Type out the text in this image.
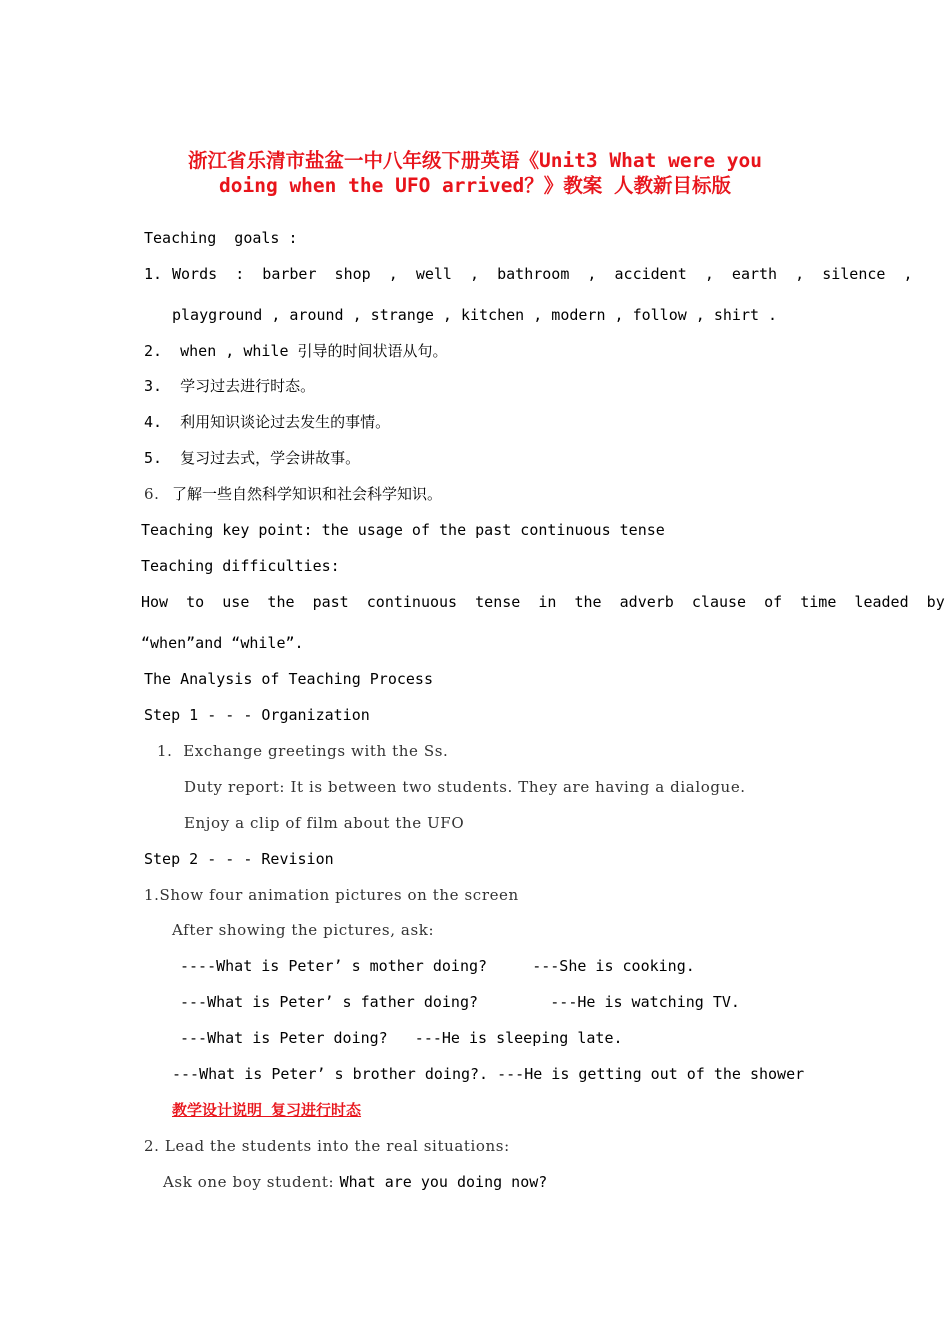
浙江省乐清市盐盆一中八年级下册英语《Unit3 What were you
doing when the UFO arrived？》教案 人教新目标版
Teaching  goals :
1. Words  :  barber  shop  ,  well  ,  bathroom  ,  accident  ,  earth  ,  silence  ,
playground , around , strange , kitchen , modern , follow , shirt .
2.  when , while 引导的时间状语从句。
3.  学习过去进行时态。
4.  利用知识谈论过去发生的事情。
5.  复习过去式，学会讲故事。
6. 了解一些自然科学知识和社会科学知识。
Teaching key point: the usage of the past continuous tense
Teaching difficulties:
How  to  use  the  past  continuous  tense  in  the  adverb  clause  of  time  leaded  by
“when”and “while”.
The Analysis of Teaching Process
Step 1 - - - Organization
1.  Exchange greetings with the Ss.
Duty report: It is between two students. They are having a dialogue.
Enjoy a clip of film about the UFO
Step 2 - - - Revision
1.Show four animation pictures on the screen
After showing the pictures, ask:
----What is Peter’ s mother doing?     ---She is cooking.
---What is Peter’ s father doing?        ---He is watching TV.
---What is Peter doing?   ---He is sleeping late.
---What is Peter’ s brother doing?. ---He is getting out of the shower
教学设计说明 复习进行时态
2. Lead the students into the real situations:
Ask one boy student: What are you doing now?
